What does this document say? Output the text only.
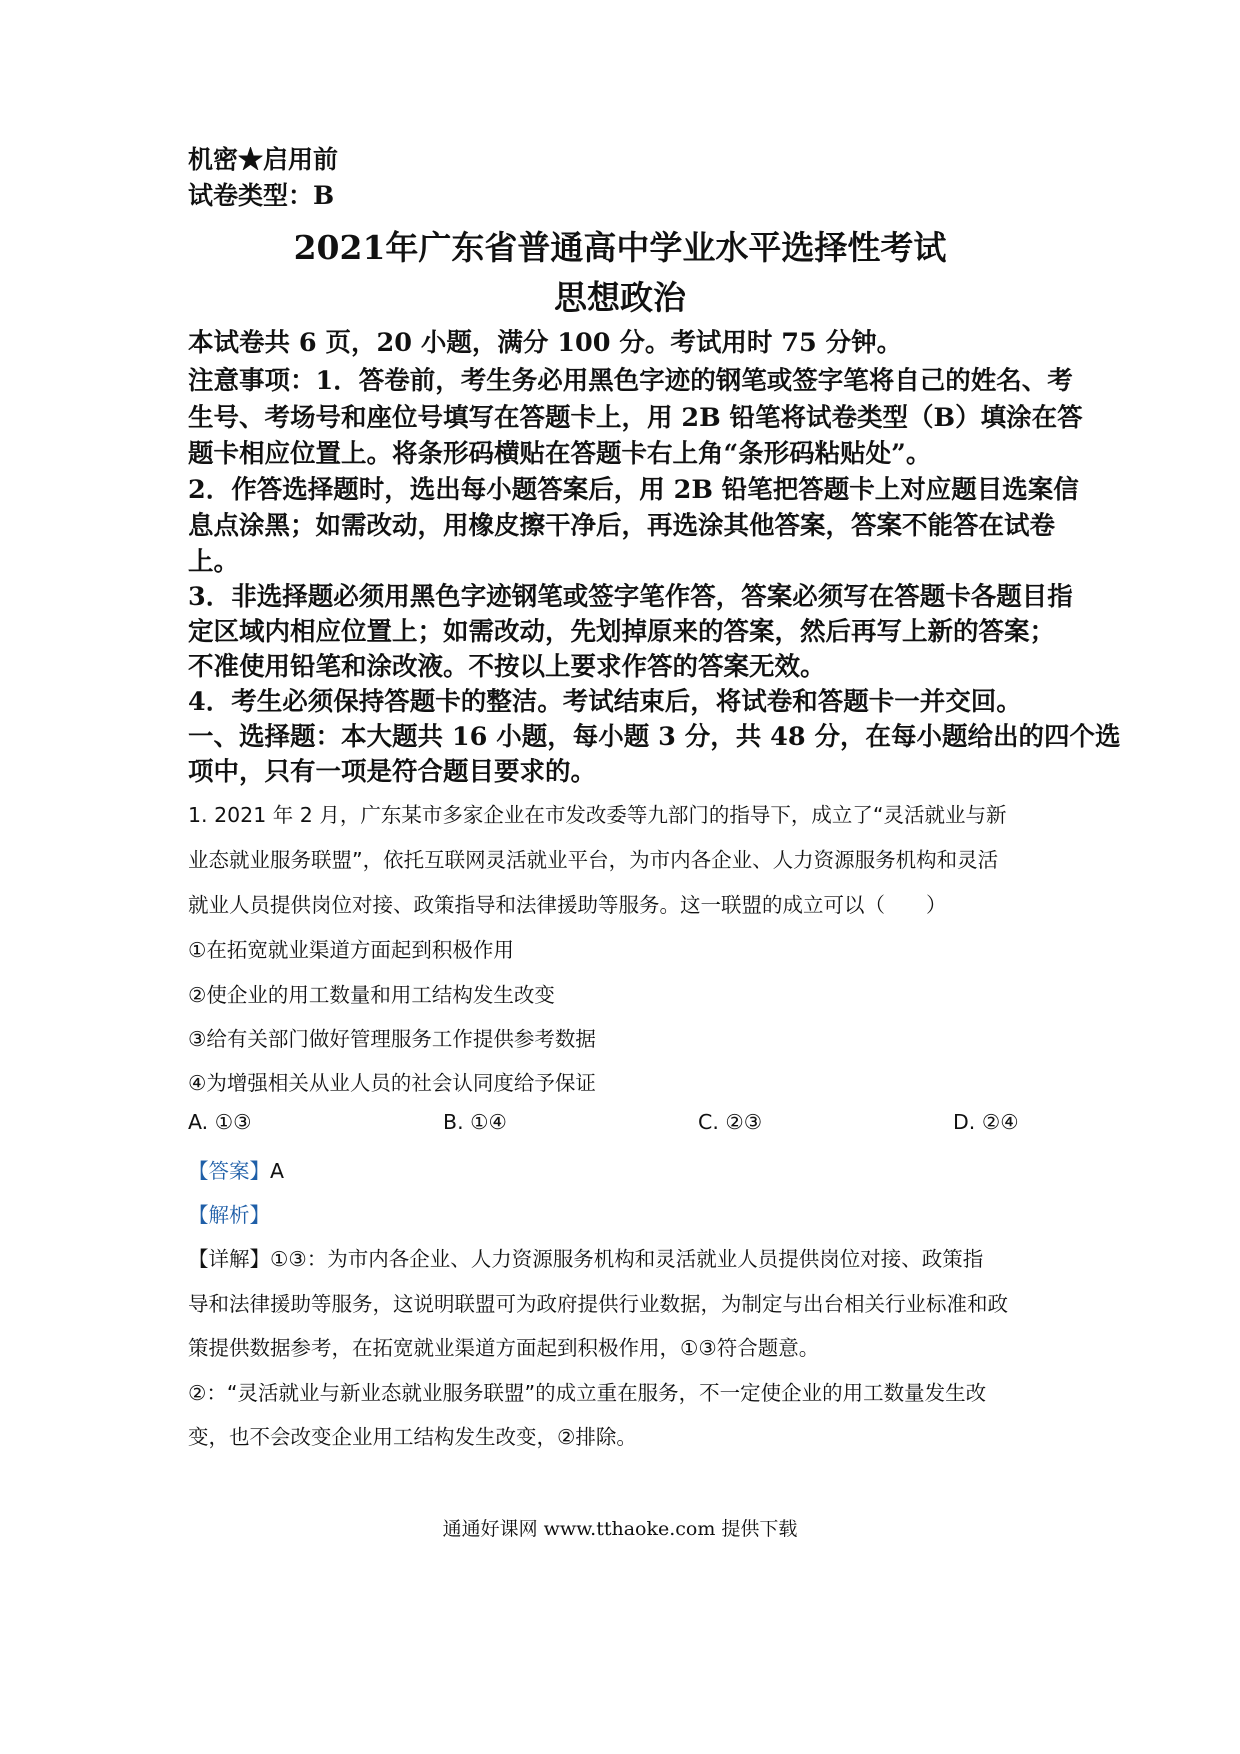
机密★启用前
试卷类型：B
2021年广东省普通高中学业水平选择性考试
思想政治
本试卷共 6 页，20 小题，满分 100 分。考试用时 75 分钟。
注意事项：1．答卷前，考生务必用黑色字迹的钢笔或签字笔将自己的姓名、考
生号、考场号和座位号填写在答题卡上，用 2B 铅笔将试卷类型（B）填涂在答
题卡相应位置上。将条形码横贴在答题卡右上角“条形码粘贴处”。
2．作答选择题时，选出每小题答案后，用 2B 铅笔把答题卡上对应题目选案信
息点涂黑；如需改动，用橡皮擦干净后，再选涂其他答案，答案不能答在试卷
上。
3．非选择题必须用黑色字迹钢笔或签字笔作答，答案必须写在答题卡各题目指
定区域内相应位置上；如需改动，先划掉原来的答案，然后再写上新的答案；
不准使用铅笔和涂改液。不按以上要求作答的答案无效。
4．考生必须保持答题卡的整洁。考试结束后，将试卷和答题卡一并交回。
一、选择题：本大题共 16 小题，每小题 3 分，共 48 分，在每小题给出的四个选
项中，只有一项是符合题目要求的。
1. 2021 年 2 月，广东某市多家企业在市发改委等九部门的指导下，成立了“灵活就业与新
业态就业服务联盟”，依托互联网灵活就业平台，为市内各企业、人力资源服务机构和灵活
就业人员提供岗位对接、政策指导和法律援助等服务。这一联盟的成立可以（　　）
①在拓宽就业渠道方面起到积极作用
②使企业的用工数量和用工结构发生改变
③给有关部门做好管理服务工作提供参考数据
④为增强相关从业人员的社会认同度给予保证
A. ①③	B. ①④	C. ②③	D. ②④
【答案】A
【解析】
【详解】①③：为市内各企业、人力资源服务机构和灵活就业人员提供岗位对接、政策指
导和法律援助等服务，这说明联盟可为政府提供行业数据，为制定与出台相关行业标准和政
策提供数据参考，在拓宽就业渠道方面起到积极作用，①③符合题意。
②：“灵活就业与新业态就业服务联盟”的成立重在服务，不一定使企业的用工数量发生改
变，也不会改变企业用工结构发生改变，②排除。
通通好课网 www.tthaoke.com 提供下载
